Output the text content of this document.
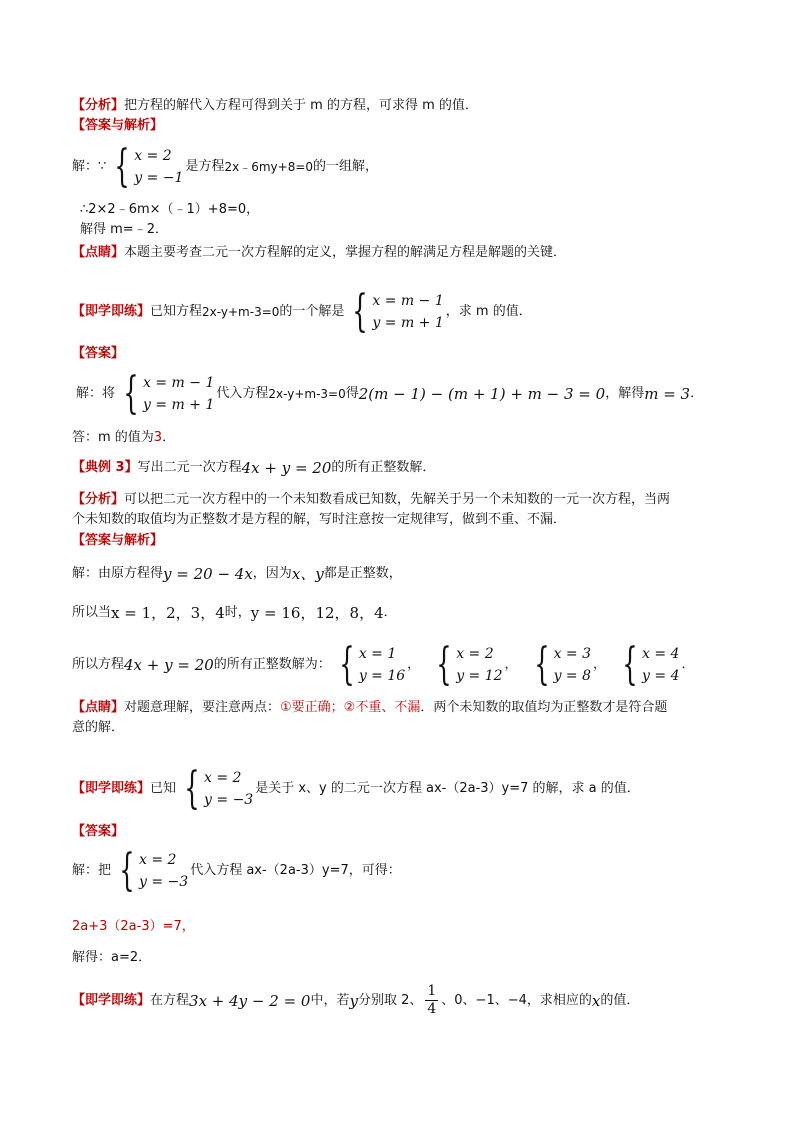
【分析】 把方程的解代入方程可得到关于 m 的方程，可求得 m 的值．
【答案与解析】
解：∵ { x = 2
y = −1
是方程 2x﹣6my+8=0 的一组解，
∴2×2﹣6m×（﹣1）+8=0，
解得 m=﹣2．
【点睛】 本题主要考查二元一次方程解的定义，掌握方程的解满足方程是解题的关键．
【即学即练】 已知方程 2x-y+m-3=0 的一个解是 { x = m − 1
y = m + 1
，求 m 的值．
【答案】
解：将 { x = m − 1
y = m + 1
代入方程 2x-y+m-3=0 得 2(m − 1) − (m + 1) + m − 3 = 0 ，解得 m = 3 ．
答：m 的值为 3 ．
【典例 3】 写出二元一次方程 4x + y = 20 的所有正整数解．
【分析】 可以把二元一次方程中的一个未知数看成已知数，先解关于另一个未知数的一元一次方程，当两
个未知数的取值均为正整数才是方程的解，写时注意按一定规律写，做到不重、不漏．
【答案与解析】
解：由原方程得 y = 20 − 4x ，因为 x、y 都是正整数，
所以当 x = 1，2，3，4 时， y = 16，12，8，4 ．
所以方程 4x + y = 20 的所有正整数解为： { x = 1
y = 16
， { x = 2
y = 12
， { x = 3
y = 8
， { x = 4
y = 4
．
【点睛】 对题意理解，要注意两点： ①要正确；②不重、不漏 ．两个未知数的取值均为正整数才是符合题
意的解．
【即学即练】 已知 { x = 2
y = −3
是关于 x、y 的二元一次方程 ax-（2a-3）y=7 的解，求 a 的值．
【答案】
解：把 { x = 2
y = −3
代入方程 ax-（2a-3）y=7，可得：
2a+3（2a-3）=7，
解得：a=2．
【即学即练】 在方程 3x + 4y − 2 = 0 中，若 y 分别取 2、 $\frac{1}{4}$ 、0、−1、−4，求相应的 x 的值．
